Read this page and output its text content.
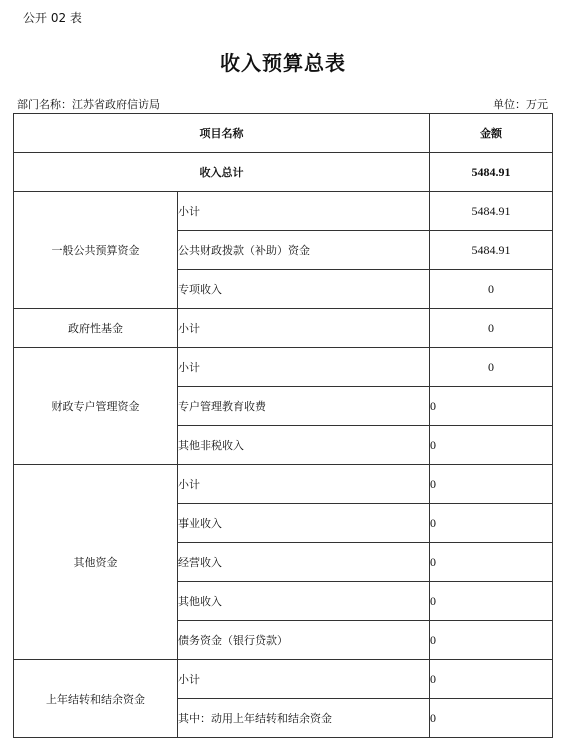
公开 02 表
收入预算总表
部门名称：江苏省政府信访局	单位：万元
项目名称		金额
收入总计		5484.91
一般公共预算资金	小计	5484.91
	公共财政拨款（补助）资金	5484.91
	专项收入	0
政府性基金	小计	0
财政专户管理资金	小计	0
	专户管理教育收费	0
	其他非税收入	0
其他资金	小计	0
	事业收入	0
	经营收入	0
	其他收入	0
	债务资金（银行贷款）	0
上年结转和结余资金	小计	0
	其中：动用上年结转和结余资金	0
